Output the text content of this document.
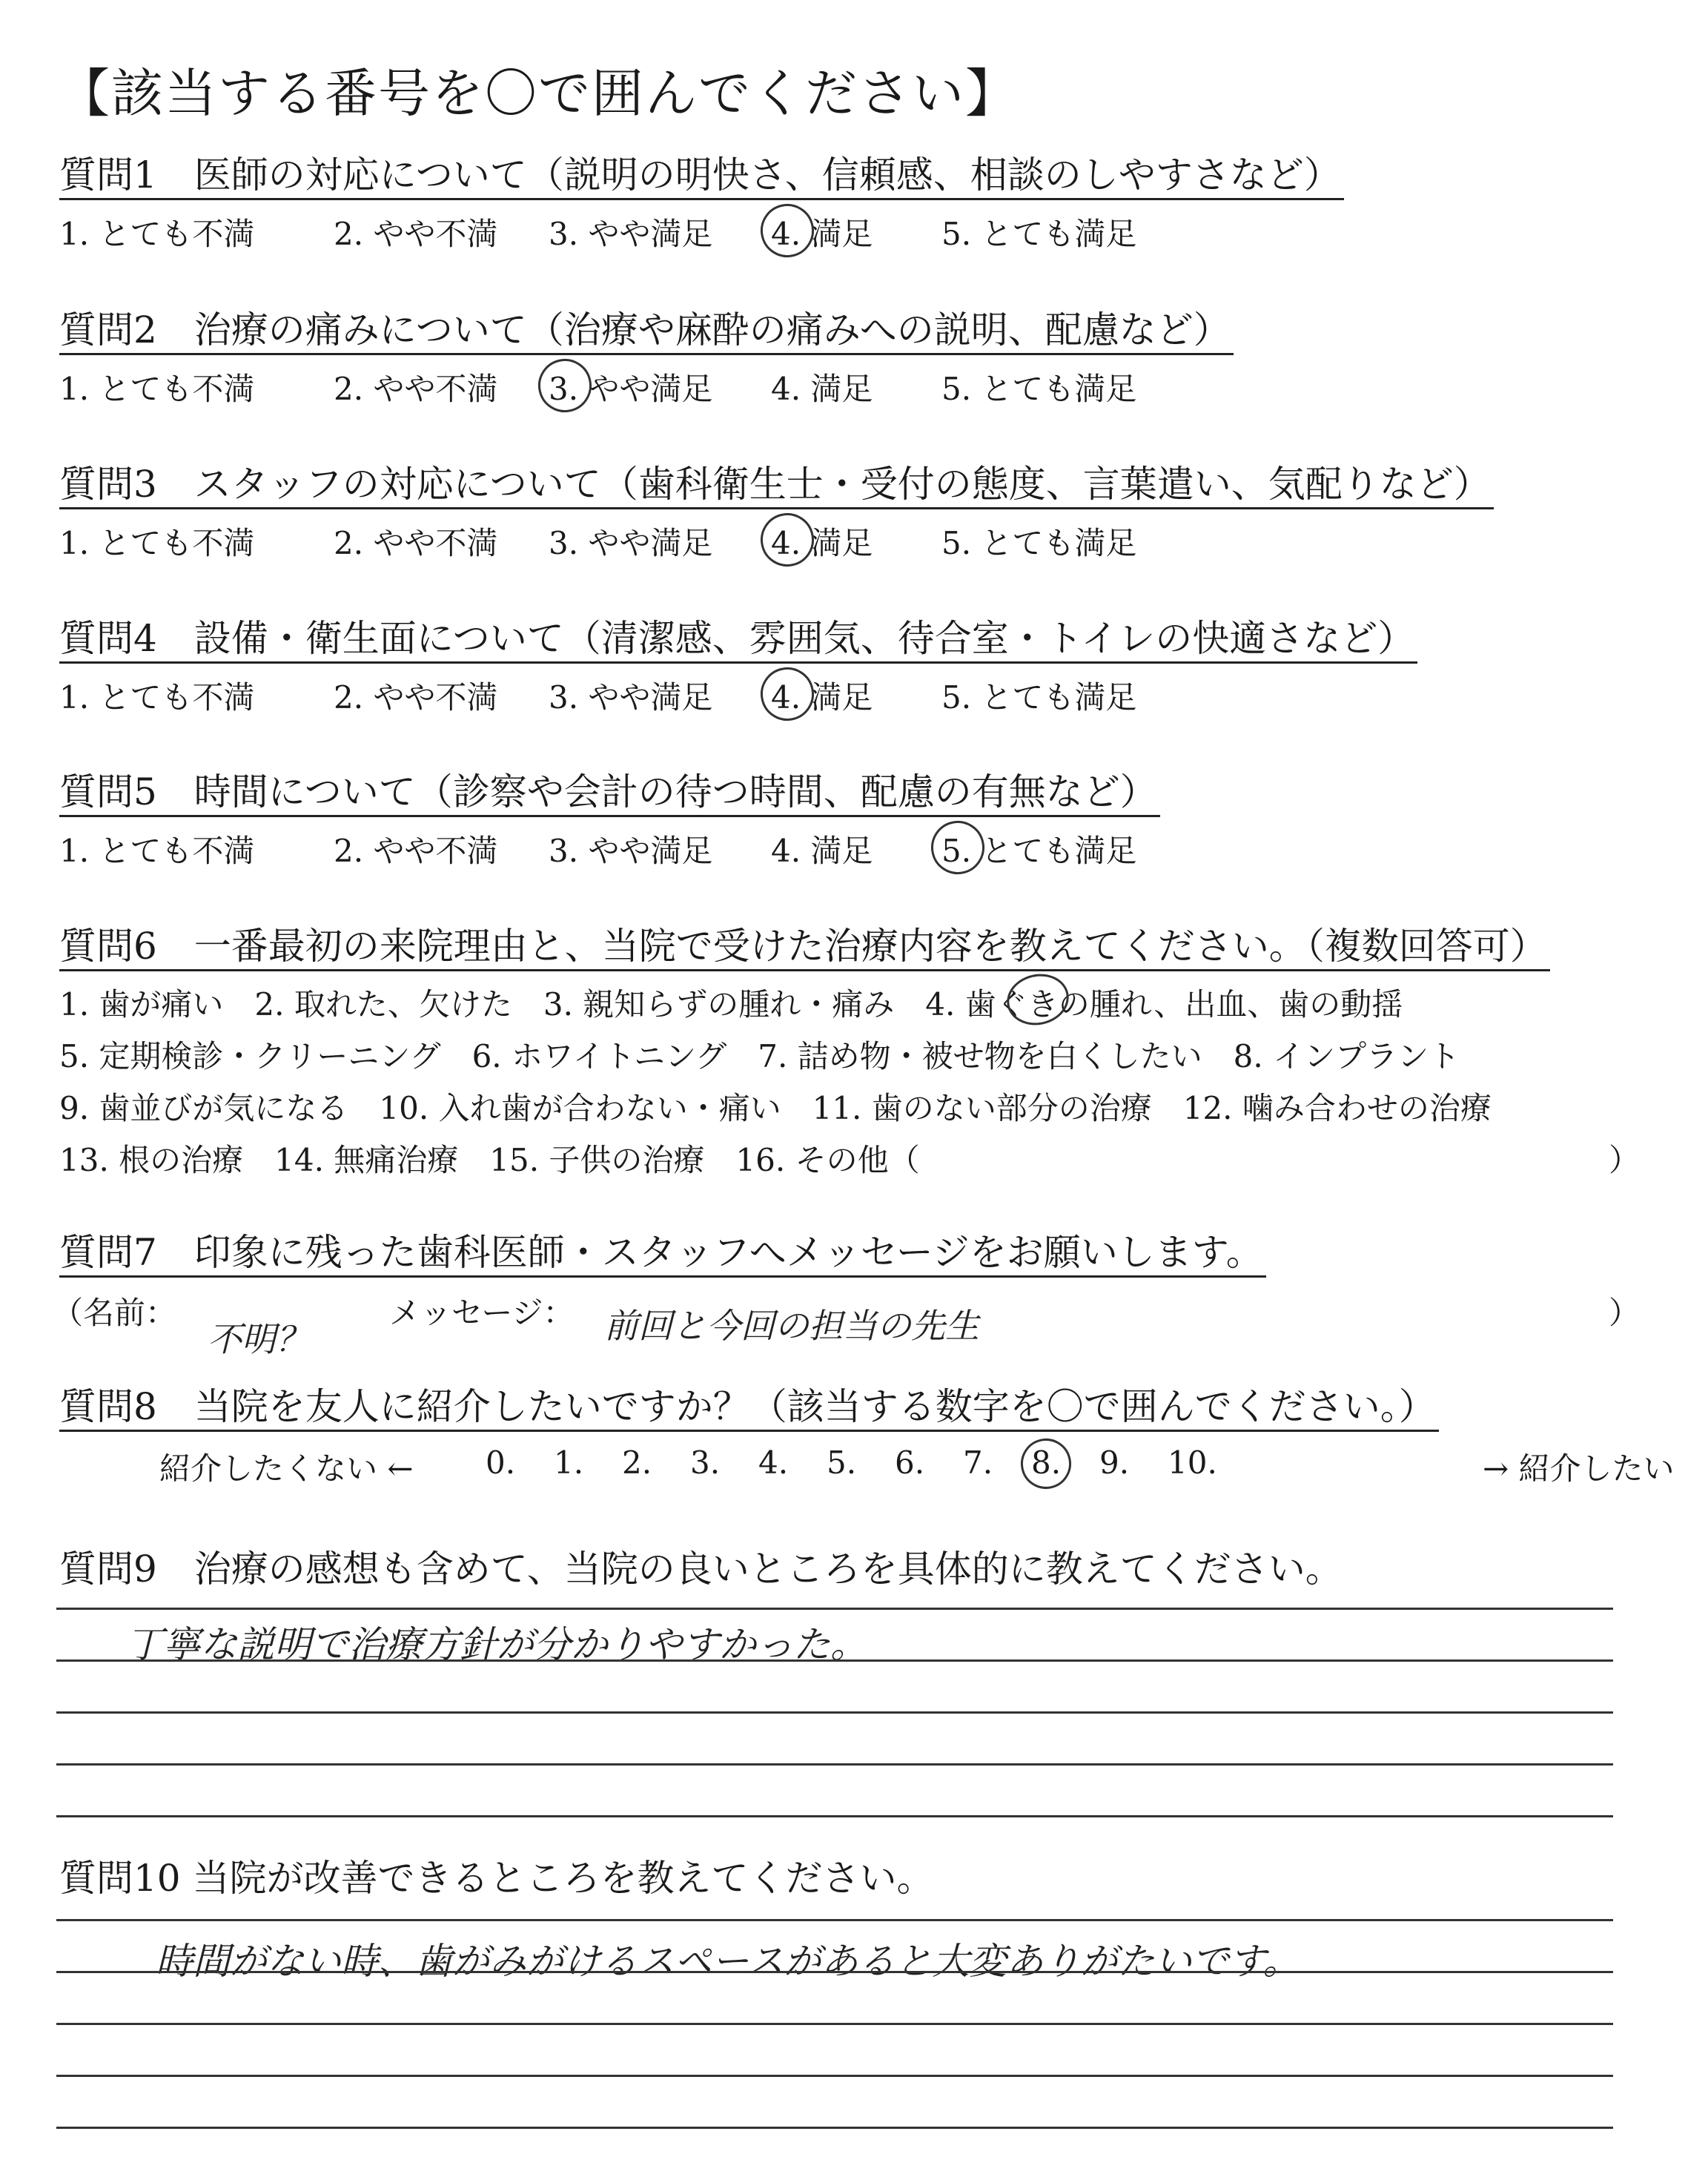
【該当する番号を〇で囲んでください】
質問1　医師の対応について（説明の明快さ、信頼感、相談のしやすさなど）
1. とても不満	2. やや不満 3. やや満足 4. 満足 5. とても満足
質問2　治療の痛みについて（治療や麻酔の痛みへの説明、配慮など）
1. とても不満	2. やや不満 3. やや満足 4. 満足 5. とても満足
質問3　スタッフの対応について（歯科衛生士・受付の態度、言葉遣い、気配りなど）
1. とても不満	2. やや不満 3. やや満足 4. 満足 5. とても満足
質問4　設備・衛生面について（清潔感、雰囲気、待合室・トイレの快適さなど）
1. とても不満	2. やや不満 3. やや満足 4. 満足 5. とても満足
質問5　時間について（診察や会計の待つ時間、配慮の有無など）
1. とても不満	2. やや不満 3. やや満足 4. 満足 5. とても満足
質問6　一番最初の来院理由と、当院で受けた治療内容を教えてください。（複数回答可）
1. 歯が痛い　2. 取れた、欠けた　3. 親知らずの腫れ・痛み　4. 歯ぐきの腫れ、出血、歯の動揺
5. 定期検診・クリーニング　6. ホワイトニング　7. 詰め物・被せ物を白くしたい　8. インプラント
9. 歯並びが気になる　10. 入れ歯が合わない・痛い　11. 歯のない部分の治療　12. 噛み合わせの治療
13. 根の治療　14. 無痛治療　15. 子供の治療　16. その他（	）
質問7　印象に残った歯科医師・スタッフへメッセージをお願いします。
（名前：	メッセージ：	）
不明？	前回と今回の担当の先生
質問8　当院を友人に紹介したいですか？（該当する数字を〇で囲んでください。）
紹介したくない ←	→ 紹介したい
0. 1. 2. 3. 4. 5. 6. 7. 8. 9. 10.
質問9　治療の感想も含めて、当院の良いところを具体的に教えてください。
丁寧な説明で治療方針が分かりやすかった。
質問10 当院が改善できるところを教えてください。
時間がない時、歯がみがけるスペースがあると大変ありがたいです。
